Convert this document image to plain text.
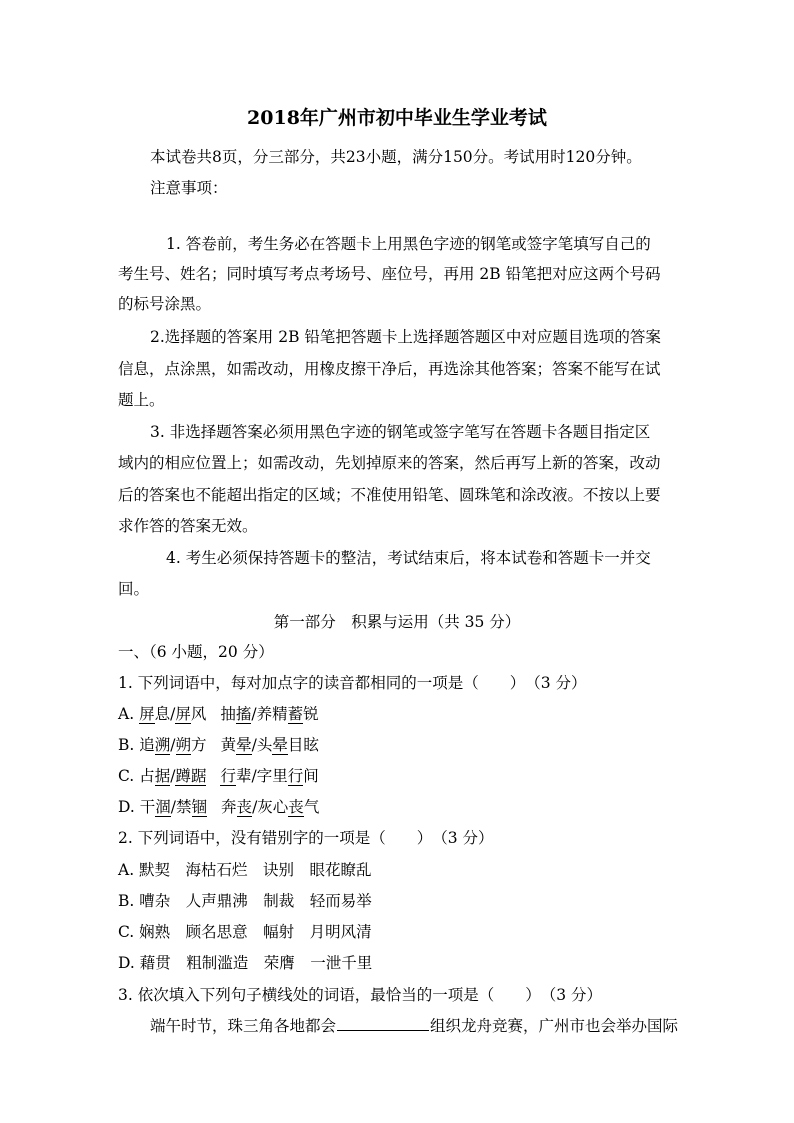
2018年广州市初中毕业生学业考试
本试卷共8页，分三部分，共23小题，满分150分。考试用时120分钟。
注意事项：
1. 答卷前，考生务必在答题卡上用黑色字迹的钢笔或签字笔填写自己的
考生号、姓名；同时填写考点考场号、座位号，再用 2B 铅笔把对应这两个号码
的标号涂黑。
2.选择题的答案用 2B 铅笔把答题卡上选择题答题区中对应题目选项的答案
信息，点涂黑，如需改动，用橡皮擦干净后，再选涂其他答案；答案不能写在试
题上。
3. 非选择题答案必须用黑色字迹的钢笔或签字笔写在答题卡各题目指定区
域内的相应位置上；如需改动，先划掉原来的答案，然后再写上新的答案，改动
后的答案也不能超出指定的区域；不准使用铅笔、圆珠笔和涂改液。不按以上要
求作答的答案无效。
4. 考生必须保持答题卡的整洁，考试结束后，将本试卷和答题卡一并交
回。
第一部分　积累与运用（共 35 分）
一、（6 小题，20 分）
1. 下列词语中，每对加点字的读音都相同的一项是（　　）　（3 分）
A. 屏息/屏风 抽搐/养精蓄锐
B. 追溯/朔方 黄晕/头晕目眩
C. 占据/蹲踞 行辈/字里行间
D. 干涸/禁锢 奔丧/灰心丧气
2. 下列词语中，没有错别字的一项是（　　）　（3 分）
A. 默契　海枯石烂　诀别　眼花瞭乱
B. 嘈杂　人声鼎沸　制裁　轻而易举
C. 娴熟　顾名思意　幅射　月明风清
D. 藉贯　粗制滥造　荣膺　一泄千里
3. 依次填入下列句子横线处的词语，最恰当的一项是（　　）　（3 分）
端午时节，珠三角各地都会	组织龙舟竞赛，广州市也会举办国际
